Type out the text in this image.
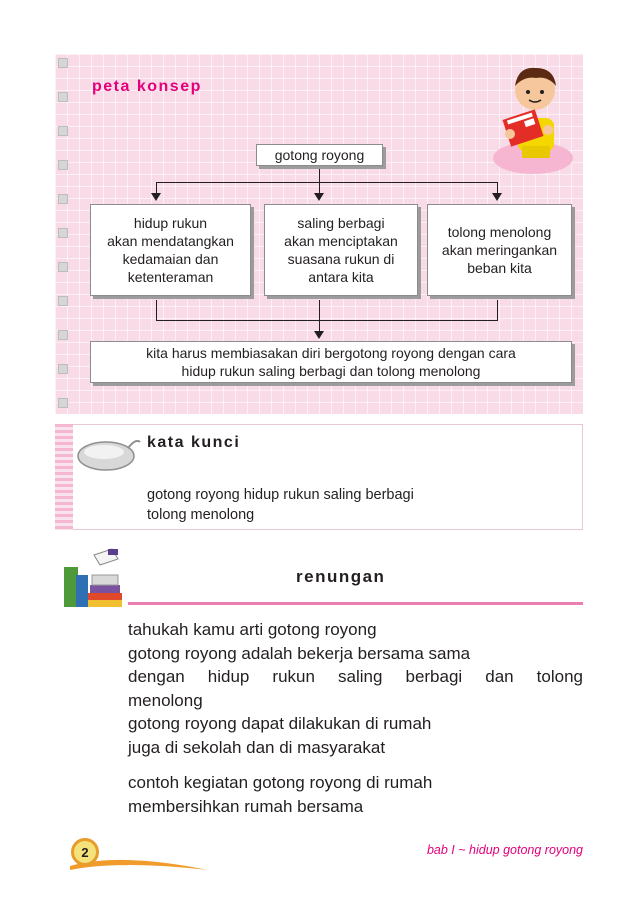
peta konsep
gotong royong
hidup rukun
akan mendatangkan
kedamaian dan
ketenteraman
saling berbagi
akan menciptakan
suasana rukun di
antara kita
tolong menolong
akan meringankan
beban kita
kita harus membiasakan diri bergotong royong dengan cara
hidup rukun saling berbagi dan tolong menolong
kata kunci
gotong royong hidup rukun saling berbagi
tolong menolong
renungan
tahukah kamu arti gotong royong
gotong royong adalah bekerja bersama sama
dengan hidup rukun saling berbagi dan tolong
menolong
gotong royong dapat dilakukan di rumah
juga di sekolah dan di masyarakat
contoh kegiatan gotong royong di rumah
membersihkan rumah bersama
2	bab I ~ hidup gotong royong
